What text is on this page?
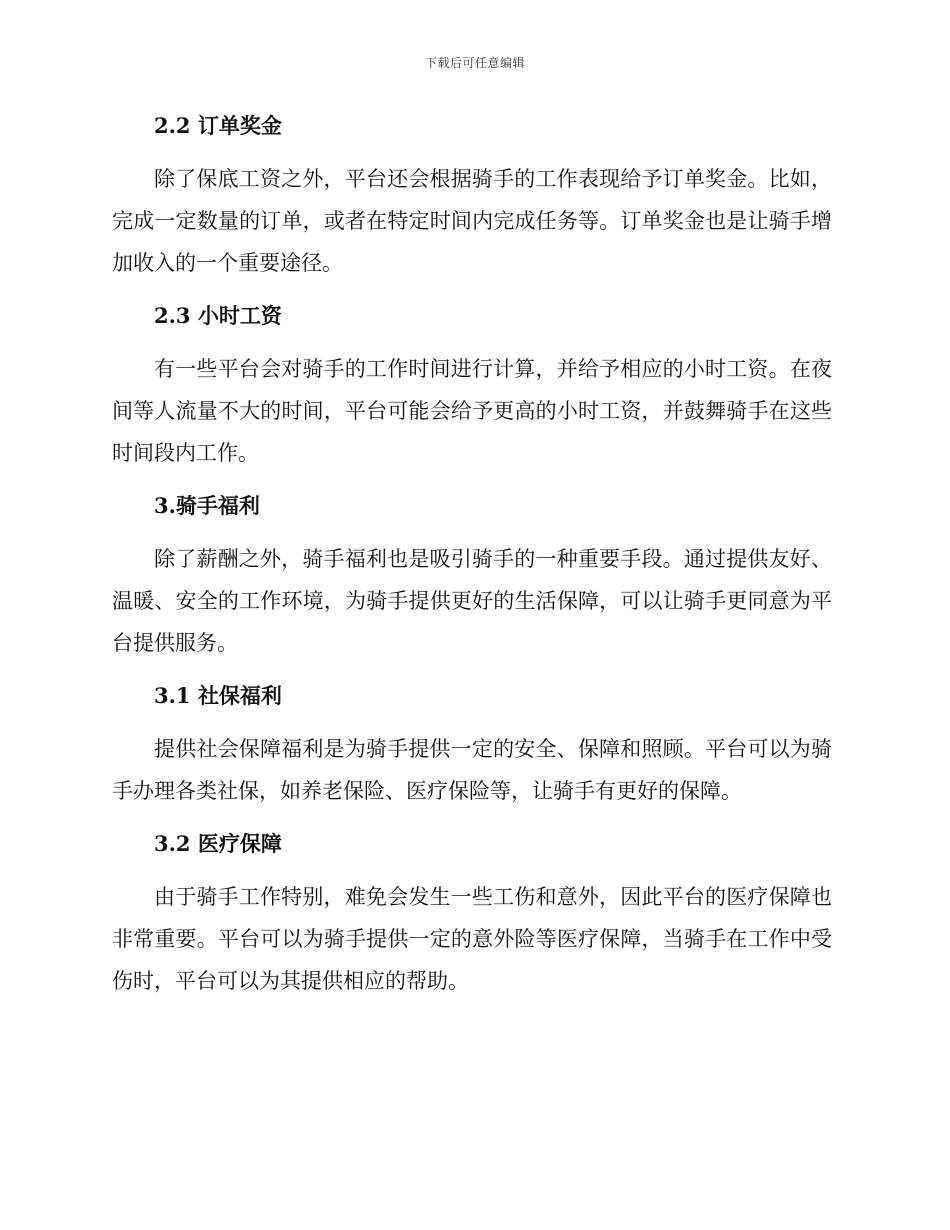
下载后可任意编辑
2.2 订单奖金

除了保底工资之外，平台还会根据骑手的工作表现给予订单奖金。比如，完成一定数量的订单，或者在特定时间内完成任务等。订单奖金也是让骑手增加收入的一个重要途径。

2.3 小时工资

有一些平台会对骑手的工作时间进行计算，并给予相应的小时工资。在夜间等人流量不大的时间，平台可能会给予更高的小时工资，并鼓舞骑手在这些时间段内工作。

3.骑手福利

除了薪酬之外，骑手福利也是吸引骑手的一种重要手段。通过提供友好、温暖、安全的工作环境，为骑手提供更好的生活保障，可以让骑手更同意为平台提供服务。

3.1 社保福利

提供社会保障福利是为骑手提供一定的安全、保障和照顾。平台可以为骑手办理各类社保，如养老保险、医疗保险等，让骑手有更好的保障。

3.2 医疗保障

由于骑手工作特别，难免会发生一些工伤和意外，因此平台的医疗保障也非常重要。平台可以为骑手提供一定的意外险等医疗保障，当骑手在工作中受伤时，平台可以为其提供相应的帮助。
